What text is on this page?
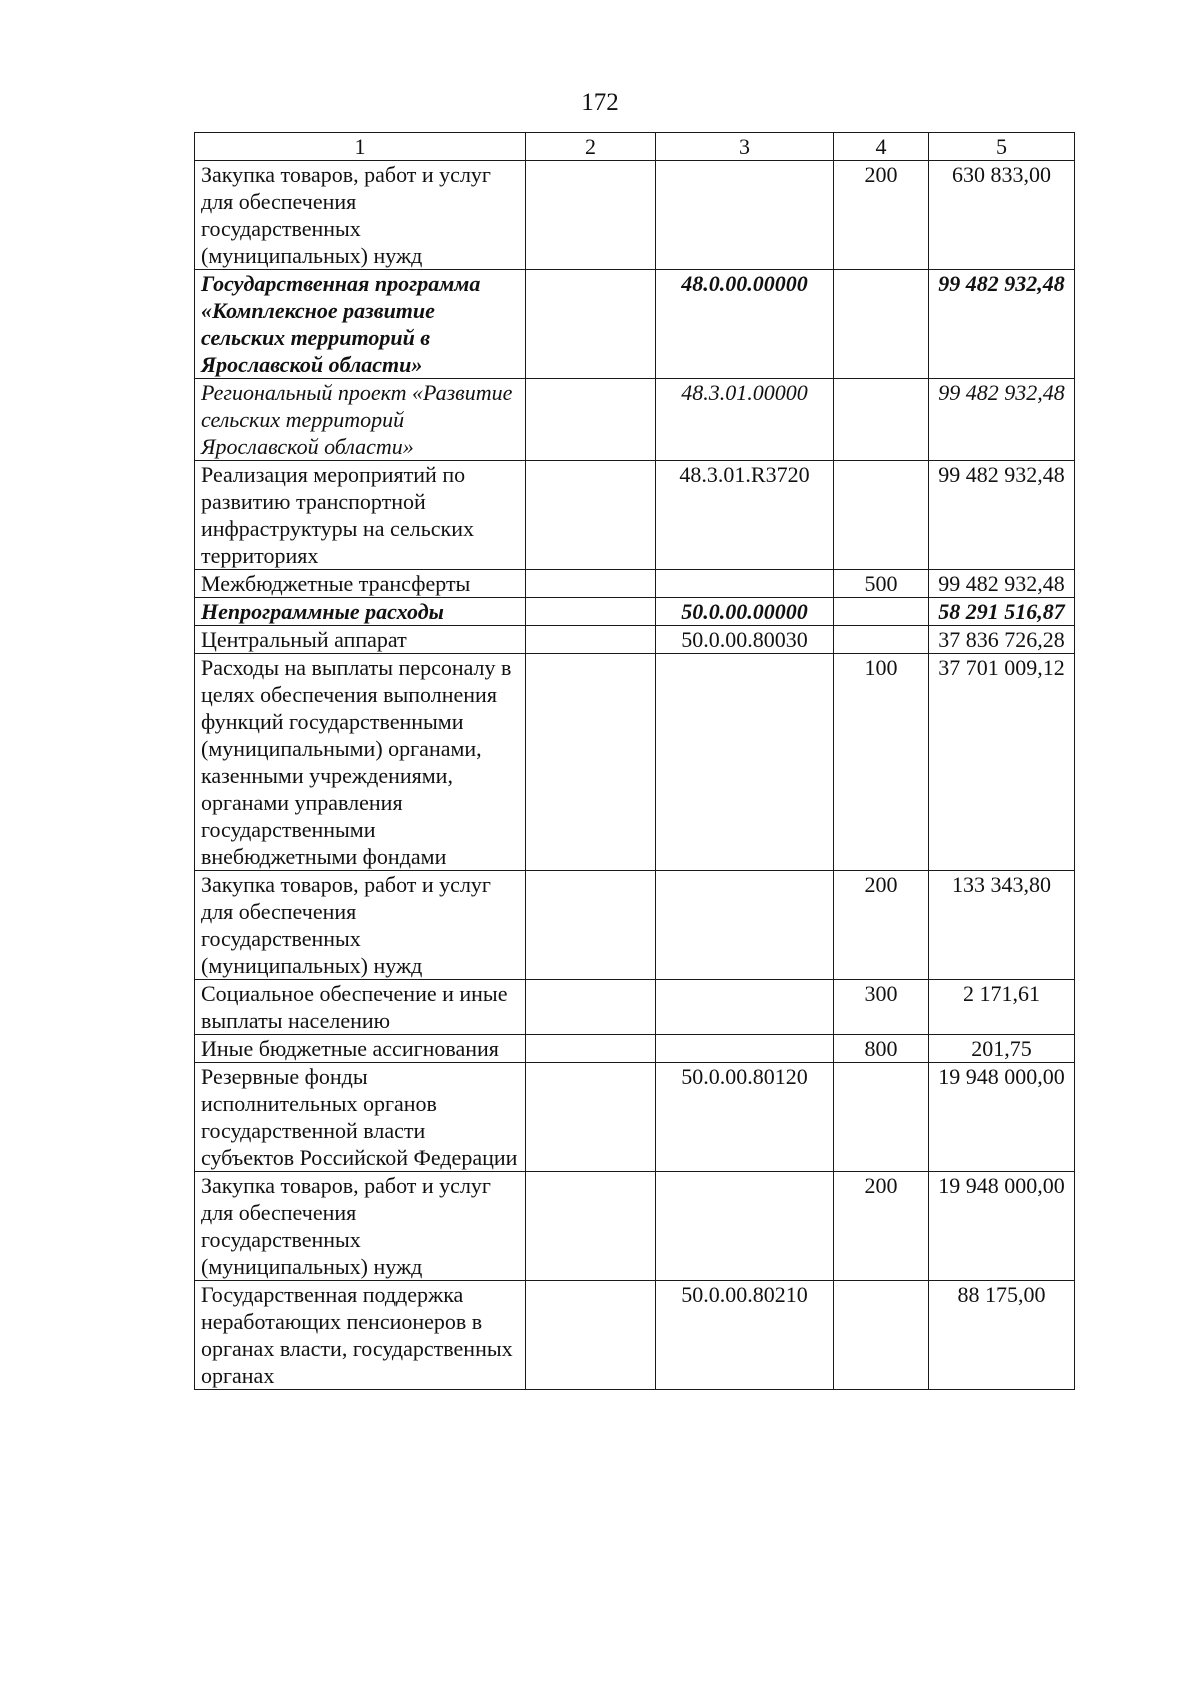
172
1	2	3	4	5
Закупка товаров, работ и услуг для обеспечения государственных (муниципальных) нужд			200	630 833,00
Государственная программа «Комплексное развитие сельских территорий в Ярославской области»		48.0.00.00000		99 482 932,48
Региональный проект «Развитие сельских территорий Ярославской области»		48.3.01.00000		99 482 932,48
Реализация мероприятий по развитию транспортной инфраструктуры на сельских территориях		48.3.01.R3720		99 482 932,48
Межбюджетные трансферты			500	99 482 932,48
Непрограммные расходы		50.0.00.00000		58 291 516,87
Центральный аппарат		50.0.00.80030		37 836 726,28
Расходы на выплаты персоналу в целях обеспечения выполнения функций государственными (муниципальными) органами, казенными учреждениями, органами управления государственными внебюджетными фондами			100	37 701 009,12
Закупка товаров, работ и услуг для обеспечения государственных (муниципальных) нужд			200	133 343,80
Социальное обеспечение и иные выплаты населению			300	2 171,61
Иные бюджетные ассигнования			800	201,75
Резервные фонды исполнительных органов государственной власти субъектов Российской Федерации		50.0.00.80120		19 948 000,00
Закупка товаров, работ и услуг для обеспечения государственных (муниципальных) нужд			200	19 948 000,00
Государственная поддержка неработающих пенсионеров в органах власти, государственных органах		50.0.00.80210		88 175,00
